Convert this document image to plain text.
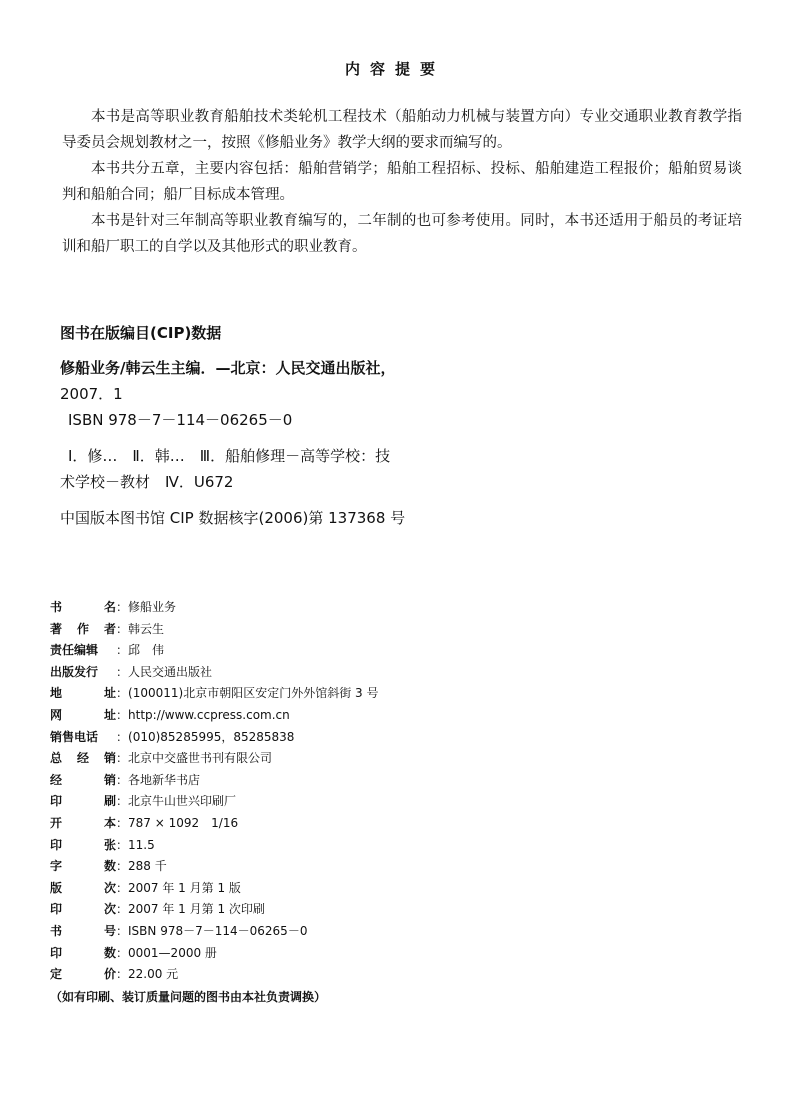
内容提要

本书是高等职业教育船舶技术类轮机工程技术（船舶动力机械与装置方向）专业交通职业教育教学指导委员会规划教材之一，按照《修船业务》教学大纲的要求而编写的。

本书共分五章，主要内容包括：船舶营销学；船舶工程招标、投标、船舶建造工程报价；船舶贸易谈判和船舶合同；船厂目标成本管理。

本书是针对三年制高等职业教育编写的，二年制的也可参考使用。同时，本书还适用于船员的考证培训和船厂职工的自学以及其他形式的职业教育。

图书在版编目(CIP)数据
修船业务/韩云生主编．—北京：人民交通出版社，
2007．1
ISBN 978－7－114－06265－0
Ⅰ．修…　Ⅱ．韩…　Ⅲ．船舶修理－高等学校：技
术学校－教材　Ⅳ．U672
中国版本图书馆 CIP 数据核字(2006)第 137368 号
书	名 ： 修船业务
著 作 者 ： 韩云生
责任编辑 ： 邱　伟
出版发行 ： 人民交通出版社
地	址 ： (100011)北京市朝阳区安定门外外馆斜街 3 号
网	址 ： http://www.ccpress.com.cn
销售电话 ： (010)85285995，85285838
总 经 销 ： 北京中交盛世书刊有限公司
经	销 ： 各地新华书店
印	刷 ： 北京牛山世兴印刷厂
开	本 ： 787 × 1092　1/16
印	张 ： 11.5
字	数 ： 288 千
版	次 ： 2007 年 1 月第 1 版
印	次 ： 2007 年 1 月第 1 次印刷
书	号 ： ISBN 978－7－114－06265－0
印	数 ： 0001—2000 册
定	价 ： 22.00 元
（如有印刷、装订质量问题的图书由本社负责调换）
